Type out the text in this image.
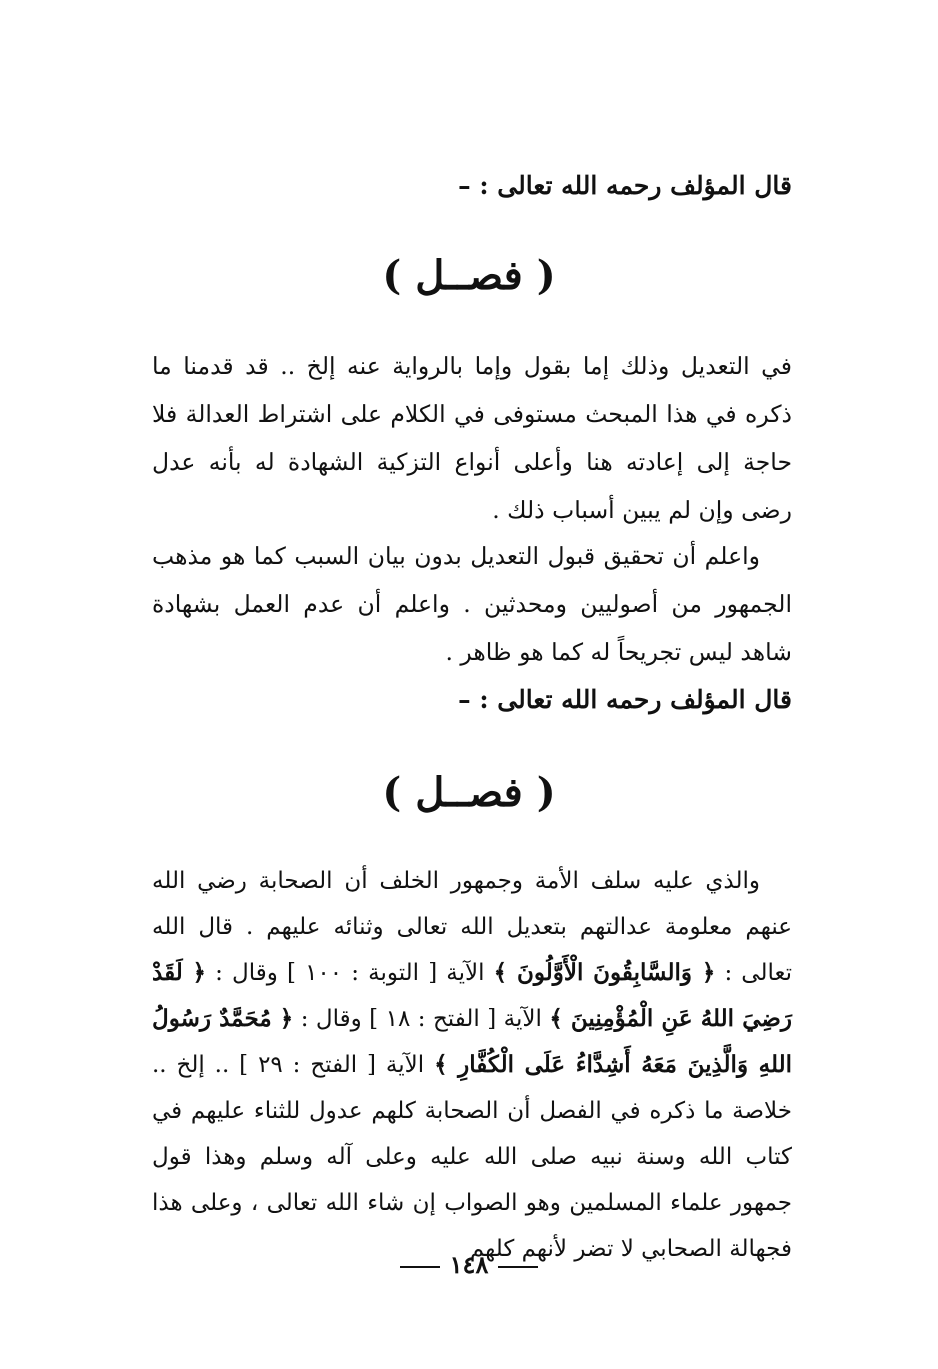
قال المؤلف رحمه الله تعالى : –
( فصــل )
في التعديل وذلك إما بقول وإما بالرواية عنه إلخ .. قد قدمنا ما ذكره في هذا المبحث مستوفى في الكلام على اشتراط العدالة فلا حاجة إلى إعادته هنا وأعلى أنواع التزكية الشهادة له بأنه عدل رضى وإن لم يبين أسباب ذلك .
واعلم أن تحقيق قبول التعديل بدون بيان السبب كما هو مذهب الجمهور من أصوليين ومحدثين . واعلم أن عدم العمل بشهادة شاهد ليس تجريحاً له كما هو ظاهر .
قال المؤلف رحمه الله تعالى : –
( فصــل )
والذي عليه سلف الأمة وجمهور الخلف أن الصحابة رضي الله عنهم معلومة عدالتهم بتعديل الله تعالى وثنائه عليهم . قال الله تعالى : ﴿ وَالسَّابِقُونَ الْأَوَّلُونَ ﴾ الآية [ التوبة : ١٠٠ ] وقال : ﴿ لَقَدْ رَضِيَ اللهُ عَنِ الْمُؤْمِنِينَ ﴾ الآية [ الفتح : ١٨ ] وقال : ﴿ مُحَمَّدٌ رَسُولُ اللهِ وَالَّذِينَ مَعَهُ أَشِدَّاءُ عَلَى الْكُفَّارِ ﴾ الآية [ الفتح : ٢٩ ] .. إلخ .. خلاصة ما ذكره في الفصل أن الصحابة كلهم عدول للثناء عليهم في كتاب الله وسنة نبيه صلى الله عليه وعلى آله وسلم وهذا قول جمهور علماء المسلمين وهو الصواب إن شاء الله تعالى ، وعلى هذا فجهالة الصحابي لا تضر لأنهم كلهم
١٤٨
